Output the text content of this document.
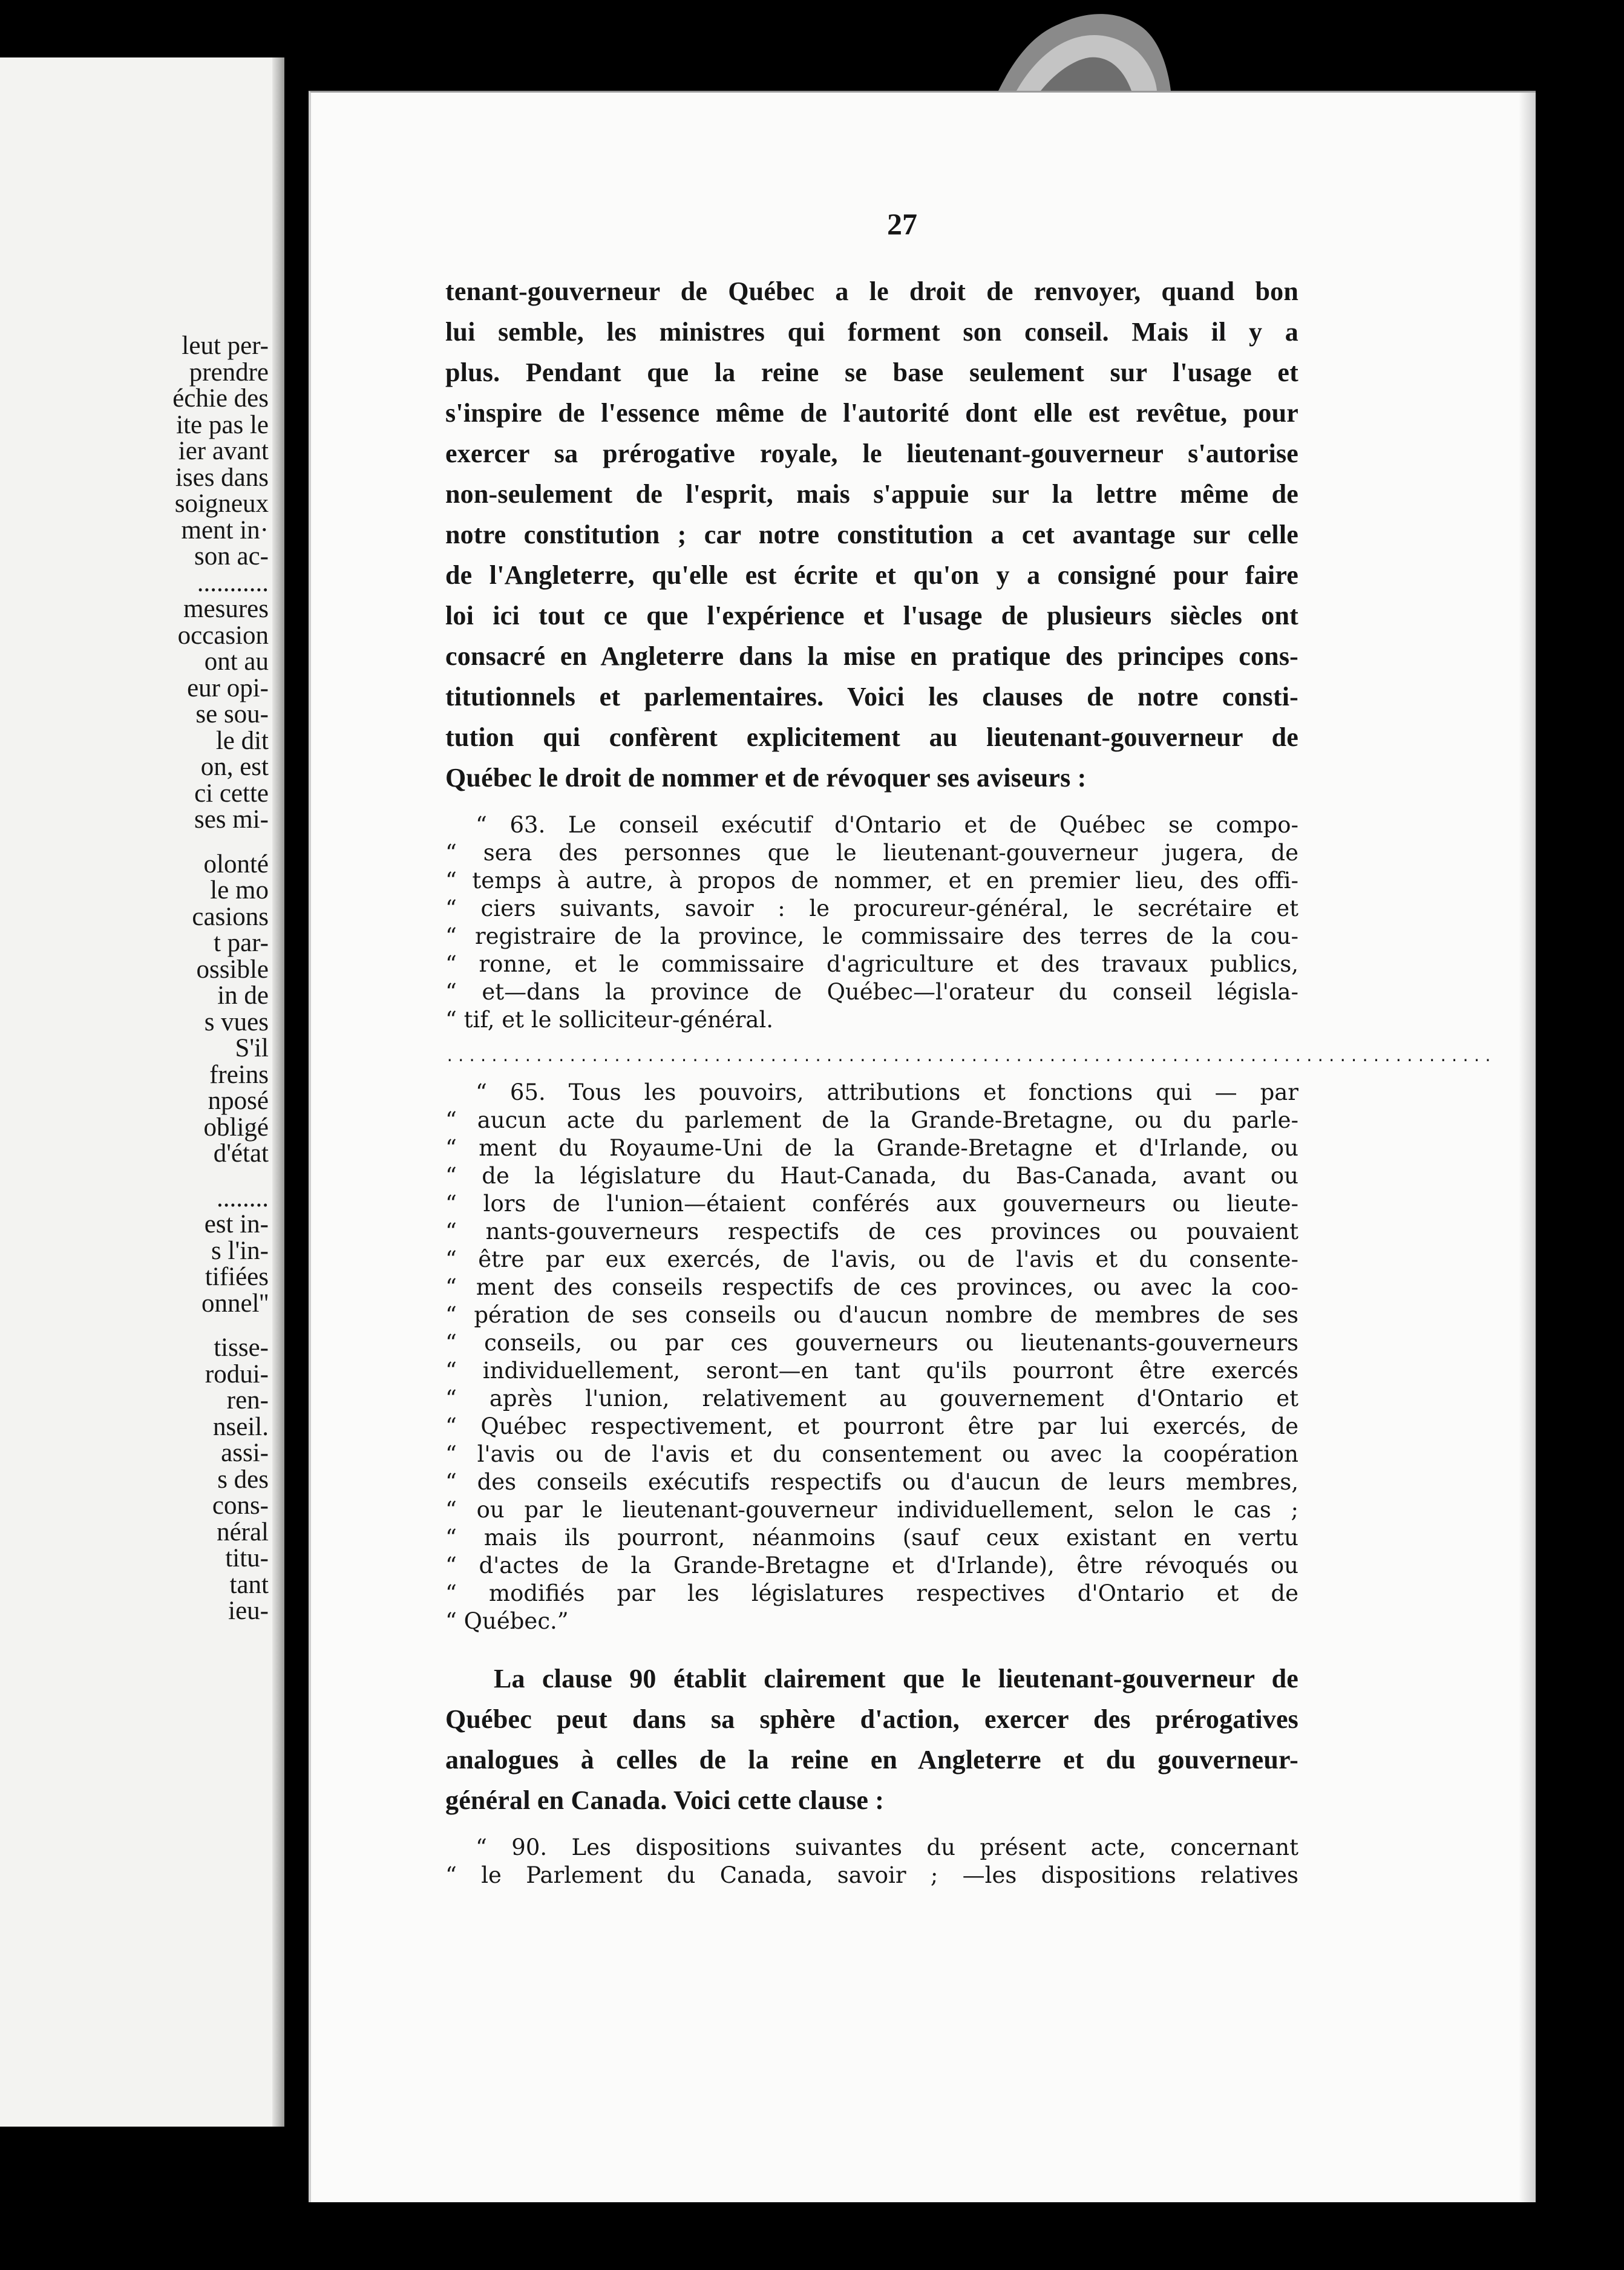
leut per-
prendre
échie des
ite pas le
ier avant
ises dans
soigneux
ment in·
son ac-
...........
mesures
occasion
ont au
eur opi-
se sou-
le dit
on, est
ci cette
ses mi-
olonté
le mo
casions
t par-
ossible
in de
s vues
S'il
freins
nposé
obligé
d'état
........
est in-
s l'in-
tifiées
onnel''
tisse-
rodui-
ren-
nseil.
assi-
s des
cons-
néral
titu-
tant
ieu-
27
tenant-gouverneur de Québec a le droit de renvoyer, quand bon
lui semble, les ministres qui forment son conseil. Mais il y a
plus. Pendant que la reine se base seulement sur l'usage et
s'inspire de l'essence même de l'autorité dont elle est revêtue, pour
exercer sa prérogative royale, le lieutenant-gouverneur s'autorise
non-seulement de l'esprit, mais s'appuie sur la lettre même de
notre constitution ; car notre constitution a cet avantage sur celle
de l'Angleterre, qu'elle est écrite et qu'on y a consigné pour faire
loi ici tout ce que l'expérience et l'usage de plusieurs siècles ont
consacré en Angleterre dans la mise en pratique des principes cons-
titutionnels et parlementaires. Voici les clauses de notre consti-
tution qui confèrent explicitement au lieutenant-gouverneur de
Québec le droit de nommer et de révoquer ses aviseurs :
“ 63. Le conseil exécutif d'Ontario et de Québec se compo-
“ sera des personnes que le lieutenant-gouverneur jugera, de
“ temps à autre, à propos de nommer, et en premier lieu, des offi-
“ ciers suivants, savoir : le procureur-général, le secrétaire et
“ registraire de la province, le commissaire des terres de la cou-
“ ronne, et le commissaire d'agriculture et des travaux publics,
“ et—dans la province de Québec—l'orateur du conseil législa-
“ tif, et le solliciteur-général.
..............................................................................................
“ 65. Tous les pouvoirs, attributions et fonctions qui — par
“ aucun acte du parlement de la Grande-Bretagne, ou du parle-
“ ment du Royaume-Uni de la Grande-Bretagne et d'Irlande, ou
“ de la législature du Haut-Canada, du Bas-Canada, avant ou
“ lors de l'union—étaient conférés aux gouverneurs ou lieute-
“ nants-gouverneurs respectifs de ces provinces ou pouvaient
“ être par eux exercés, de l'avis, ou de l'avis et du consente-
“ ment des conseils respectifs de ces provinces, ou avec la coo-
“ pération de ses conseils ou d'aucun nombre de membres de ses
“ conseils, ou par ces gouverneurs ou lieutenants-gouverneurs
“ individuellement, seront—en tant qu'ils pourront être exercés
“ après l'union, relativement au gouvernement d'Ontario et
“ Québec respectivement, et pourront être par lui exercés, de
“ l'avis ou de l'avis et du consentement ou avec la coopération
“ des conseils exécutifs respectifs ou d'aucun de leurs membres,
“ ou par le lieutenant-gouverneur individuellement, selon le cas ;
“ mais ils pourront, néanmoins (sauf ceux existant en vertu
“ d'actes de la Grande-Bretagne et d'Irlande), être révoqués ou
“ modifiés par les législatures respectives d'Ontario et de
“ Québec.”
La clause 90 établit clairement que le lieutenant-gouverneur de
Québec peut dans sa sphère d'action, exercer des prérogatives
analogues à celles de la reine en Angleterre et du gouverneur-
général en Canada. Voici cette clause :
“ 90. Les dispositions suivantes du présent acte, concernant
“ le Parlement du Canada, savoir ; —les dispositions relatives
